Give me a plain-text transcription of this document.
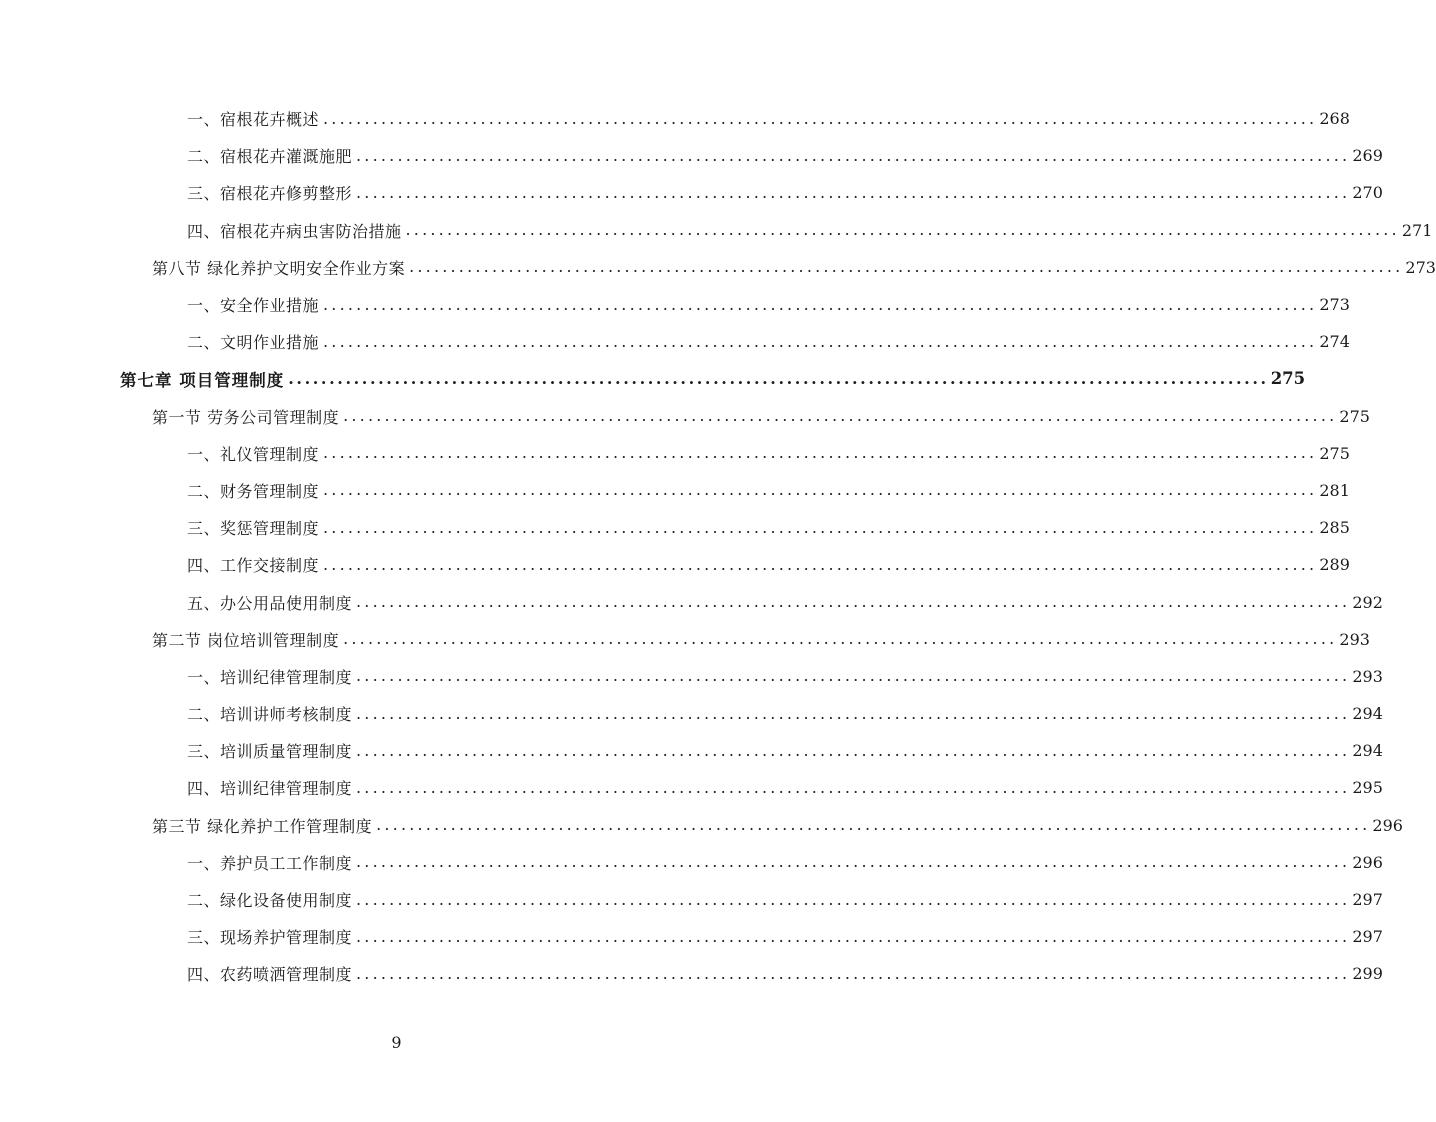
一、宿根花卉概述 ........................................................................................................................ 268
二、宿根花卉灌溉施肥 ........................................................................................................................ 269
三、宿根花卉修剪整形 ........................................................................................................................ 270
四、宿根花卉病虫害防治措施 ........................................................................................................................ 271
第八节 绿化养护文明安全作业方案 ........................................................................................................................ 273
一、安全作业措施 ........................................................................................................................ 273
二、文明作业措施 ........................................................................................................................ 274
第七章 项目管理制度 ........................................................................................................................ 275
第一节 劳务公司管理制度 ........................................................................................................................ 275
一、礼仪管理制度 ........................................................................................................................ 275
二、财务管理制度 ........................................................................................................................ 281
三、奖惩管理制度 ........................................................................................................................ 285
四、工作交接制度 ........................................................................................................................ 289
五、办公用品使用制度 ........................................................................................................................ 292
第二节 岗位培训管理制度 ........................................................................................................................ 293
一、培训纪律管理制度 ........................................................................................................................ 293
二、培训讲师考核制度 ........................................................................................................................ 294
三、培训质量管理制度 ........................................................................................................................ 294
四、培训纪律管理制度 ........................................................................................................................ 295
第三节 绿化养护工作管理制度 ........................................................................................................................ 296
一、养护员工工作制度 ........................................................................................................................ 296
二、绿化设备使用制度 ........................................................................................................................ 297
三、现场养护管理制度 ........................................................................................................................ 297
四、农药喷洒管理制度 ........................................................................................................................ 299
9
